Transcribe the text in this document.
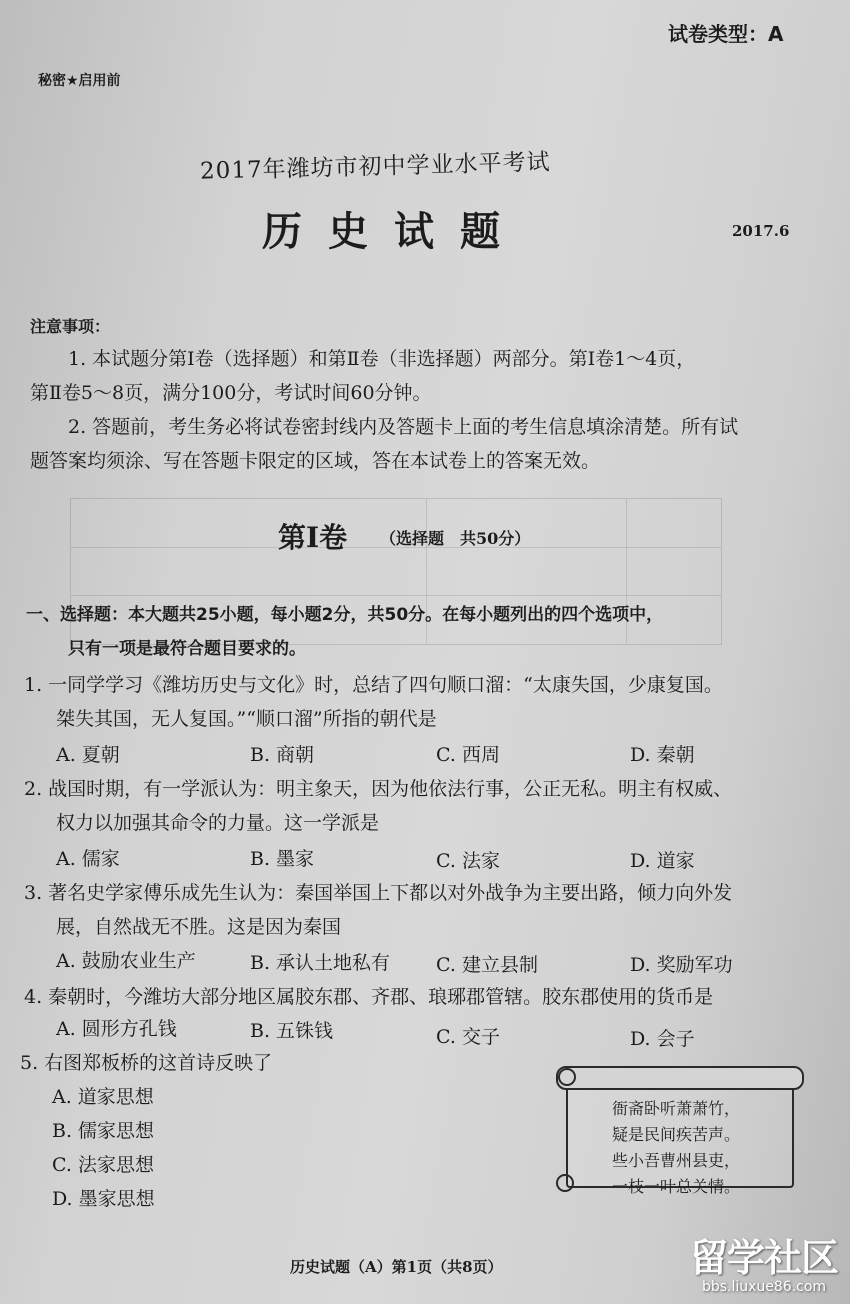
试卷类型：A
秘密★启用前
2017年潍坊市初中学业水平考试
历史试题	2017.6
注意事项：
1. 本试题分第Ⅰ卷（选择题）和第Ⅱ卷（非选择题）两部分。第Ⅰ卷1～4页，
第Ⅱ卷5～8页，满分100分，考试时间60分钟。
2. 答题前，考生务必将试卷密封线内及答题卡上面的考生信息填涂清楚。所有试
题答案均须涂、写在答题卡限定的区域，答在本试卷上的答案无效。
第Ⅰ卷 （选择题　共50分）
一、选择题：本大题共25小题，每小题2分，共50分。在每小题列出的四个选项中，
只有一项是最符合题目要求的。
1. 一同学学习《潍坊历史与文化》时，总结了四句顺口溜：“太康失国，少康复国。
桀失其国，无人复国。”“顺口溜”所指的朝代是
A. 夏朝	B. 商朝	C. 西周	D. 秦朝
2. 战国时期，有一学派认为：明主象天，因为他依法行事，公正无私。明主有权威、
权力以加强其命令的力量。这一学派是
A. 儒家	B. 墨家	C. 法家	D. 道家
3. 著名史学家傅乐成先生认为：秦国举国上下都以对外战争为主要出路，倾力向外发
展，自然战无不胜。这是因为秦国
A. 鼓励农业生产	B. 承认土地私有 C. 建立县制	D. 奖励军功
4. 秦朝时，今潍坊大部分地区属胶东郡、齐郡、琅琊郡管辖。胶东郡使用的货币是
A. 圆形方孔钱	B. 五铢钱	C. 交子	D. 会子
5. 右图郑板桥的这首诗反映了
A. 道家思想
B. 儒家思想
C. 法家思想
D. 墨家思想
衙斋卧听萧萧竹，
疑是民间疾苦声。
些小吾曹州县吏，
一枝一叶总关情。
历史试题（A）第1页（共8页）	留学社区
bbs.liuxue86.com
